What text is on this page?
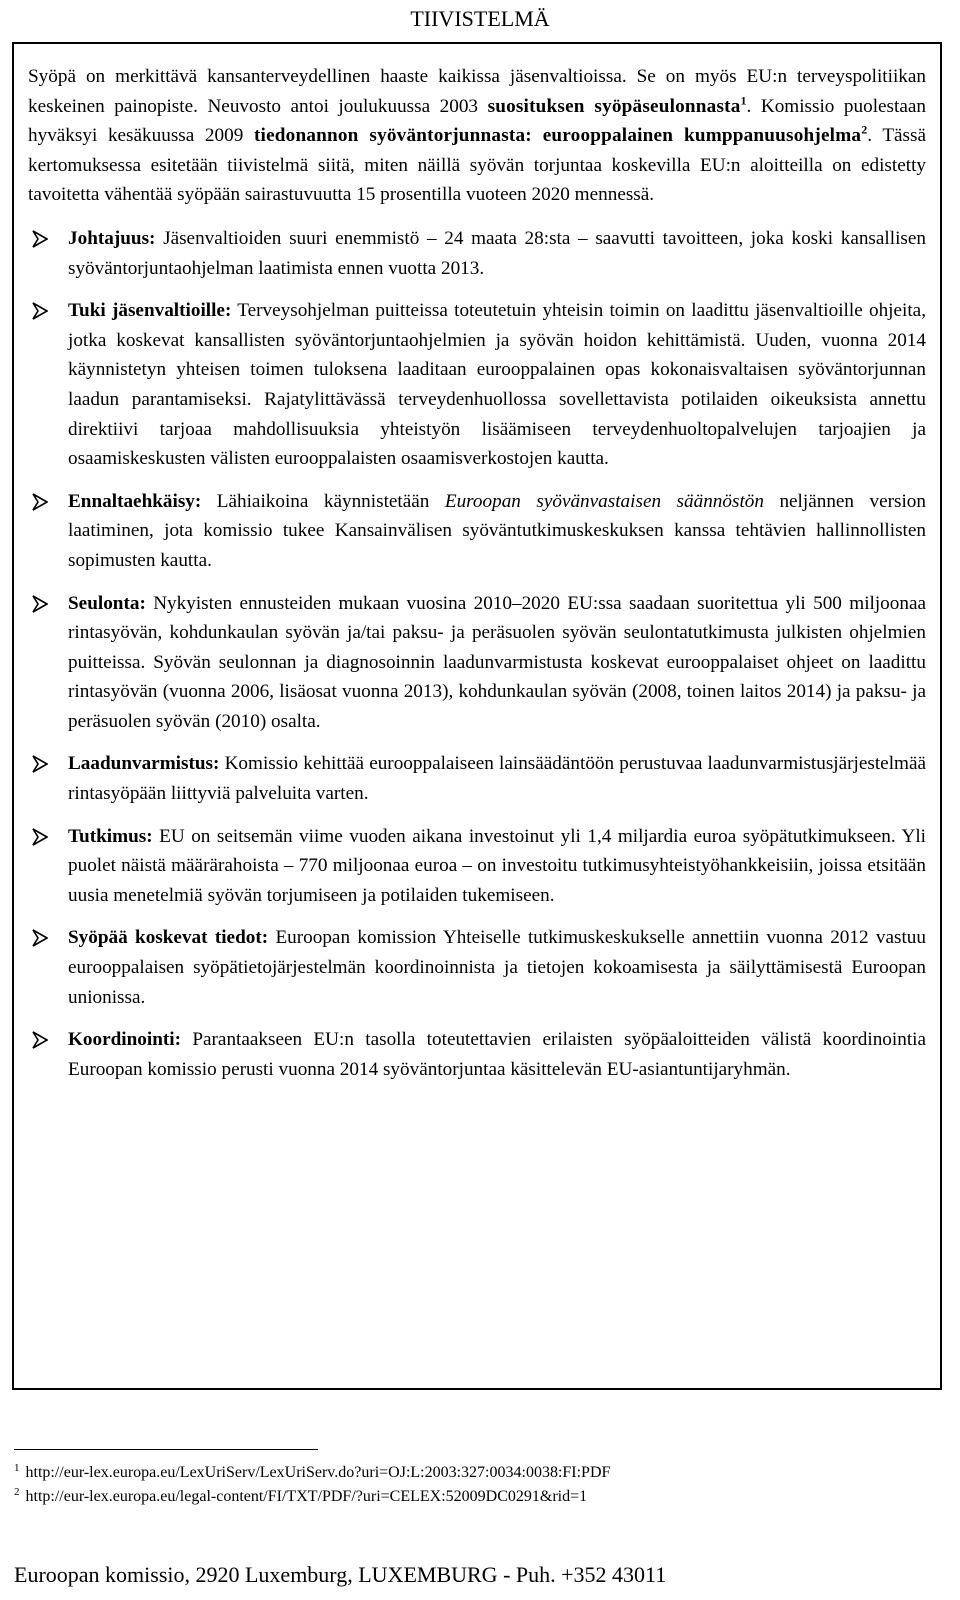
TIIVISTELMÄ

Syöpä on merkittävä kansanterveydellinen haaste kaikissa jäsenvaltioissa. Se on myös EU:n terveyspolitiikan keskeinen painopiste. Neuvosto antoi joulukuussa 2003 suosituksen syöpäseulonnasta$^1$. Komissio puolestaan hyväksyi kesäkuussa 2009 tiedonannon syöväntorjunnasta: eurooppalainen kumppanuusohjelma$^2$. Tässä kertomuksessa esitetään tiivistelmä siitä, miten näillä syövän torjuntaa koskevilla EU:n aloitteilla on edistetty tavoitetta vähentää syöpään sairastuvuutta 15 prosentilla vuoteen 2020 mennessä.

Johtajuus: Jäsenvaltioiden suuri enemmistö – 24 maata 28:sta – saavutti tavoitteen, joka koski kansallisen syöväntorjuntaohjelman laatimista ennen vuotta 2013.

Tuki jäsenvaltioille: Terveysohjelman puitteissa toteutetuin yhteisin toimin on laadittu jäsenvaltioille ohjeita, jotka koskevat kansallisten syöväntorjuntaohjelmien ja syövän hoidon kehittämistä. Uuden, vuonna 2014 käynnistetyn yhteisen toimen tuloksena laaditaan eurooppalainen opas kokonaisvaltaisen syöväntorjunnan laadun parantamiseksi. Rajatylittävässä terveydenhuollossa sovellettavista potilaiden oikeuksista annettu direktiivi tarjoaa mahdollisuuksia yhteistyön lisäämiseen terveydenhuoltopalvelujen tarjoajien ja osaamiskeskusten välisten eurooppalaisten osaamisverkostojen kautta.

Ennaltaehkäisy: Lähiaikoina käynnistetään Euroopan syövänvastaisen säännöstön neljännen version laatiminen, jota komissio tukee Kansainvälisen syöväntutkimuskeskuksen kanssa tehtävien hallinnollisten sopimusten kautta.

Seulonta: Nykyisten ennusteiden mukaan vuosina 2010–2020 EU:ssa saadaan suoritettua yli 500 miljoonaa rintasyövän, kohdunkaulan syövän ja/tai paksu- ja peräsuolen syövän seulontatutkimusta julkisten ohjelmien puitteissa. Syövän seulonnan ja diagnosoinnin laadunvarmistusta koskevat eurooppalaiset ohjeet on laadittu rintasyövän (vuonna 2006, lisäosat vuonna 2013), kohdunkaulan syövän (2008, toinen laitos 2014) ja paksu- ja peräsuolen syövän (2010) osalta.

Laadunvarmistus: Komissio kehittää eurooppalaiseen lainsäädäntöön perustuvaa laadunvarmistusjärjestelmää rintasyöpään liittyviä palveluita varten.

Tutkimus: EU on seitsemän viime vuoden aikana investoinut yli 1,4 miljardia euroa syöpätutkimukseen. Yli puolet näistä määrärahoista – 770 miljoonaa euroa – on investoitu tutkimusyhteistyöhankkeisiin, joissa etsitään uusia menetelmiä syövän torjumiseen ja potilaiden tukemiseen.

Syöpää koskevat tiedot: Euroopan komission Yhteiselle tutkimuskeskukselle annettiin vuonna 2012 vastuu eurooppalaisen syöpätietojärjestelmän koordinoinnista ja tietojen kokoamisesta ja säilyttämisestä Euroopan unionissa.

Koordinointi: Parantaakseen EU:n tasolla toteutettavien erilaisten syöpäaloitteiden välistä koordinointia Euroopan komissio perusti vuonna 2014 syöväntorjuntaa käsittelevän EU-asiantuntijaryhmän.

$^1$ http://eur-lex.europa.eu/LexUriServ/LexUriServ.do?uri=OJ:L:2003:327:0034:0038:FI:PDF
$^2$ http://eur-lex.europa.eu/legal-content/FI/TXT/PDF/?uri=CELEX:52009DC0291&rid=1
Euroopan komissio, 2920 Luxemburg, LUXEMBURG - Puh. +352 43011
